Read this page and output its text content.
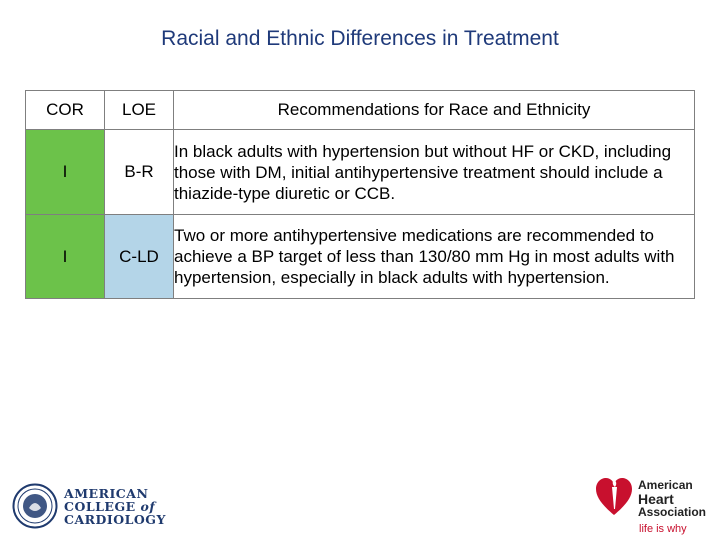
Racial and Ethnic Differences in Treatment
COR	LOE	Recommendations for Race and Ethnicity
I	B-R	In black adults with hypertension but without HF or CKD, including those with DM, initial antihypertensive treatment should include a thiazide-type diuretic or CCB.
I	C-LD	Two or more antihypertensive medications are recommended to achieve a BP target of less than 130/80 mm Hg in most adults with hypertension, especially in black adults with hypertension.
AMERICAN
COLLEGE of
CARDIOLOGY
American
Heart
Association
life is why
